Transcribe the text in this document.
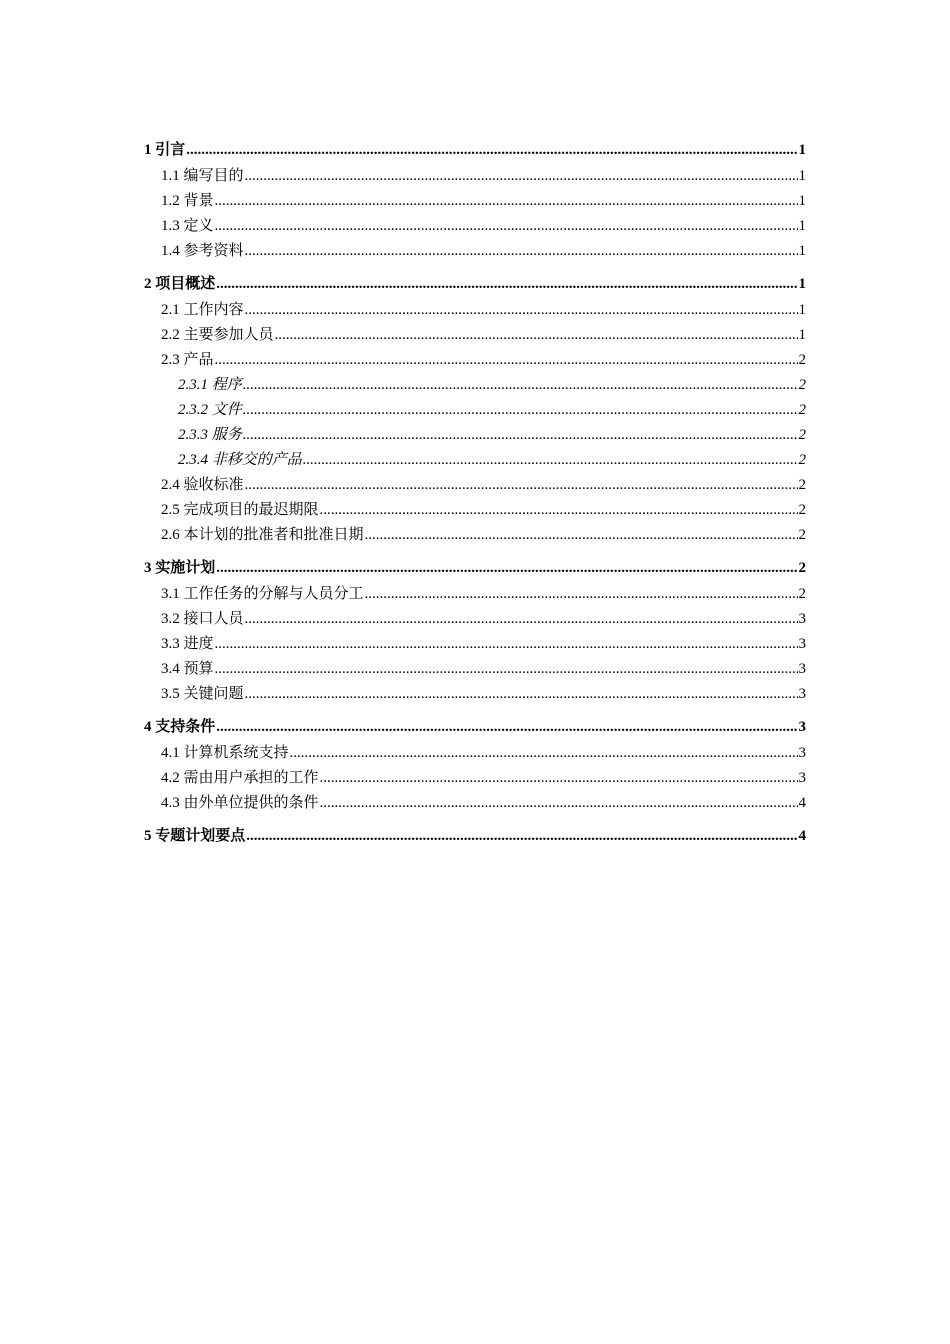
1 引言 .....	1
1.1 编写目的 .....	1
1.2 背景 .....	1
1.3 定义 .....	1
1.4 参考资料 .....	1
2 项目概述 .....	1
2.1 工作内容 .....	1
2.2 主要参加人员 .....	1
2.3 产品 .....	2
2.3.1 程序 .....	2
2.3.2 文件 .....	2
2.3.3 服务 .....	2
2.3.4 非移交的产品 .....	2
2.4 验收标准 .....	2
2.5 完成项目的最迟期限 .....	2
2.6 本计划的批准者和批准日期 .....	2
3 实施计划 .....	2
3.1 工作任务的分解与人员分工 .....	2
3.2 接口人员 .....	3
3.3 进度 .....	3
3.4 预算 .....	3
3.5 关键问题 .....	3
4 支持条件 .....	3
4.1 计算机系统支持 .....	3
4.2 需由用户承担的工作 .....	3
4.3 由外单位提供的条件 .....	4
5 专题计划要点 .....	4
